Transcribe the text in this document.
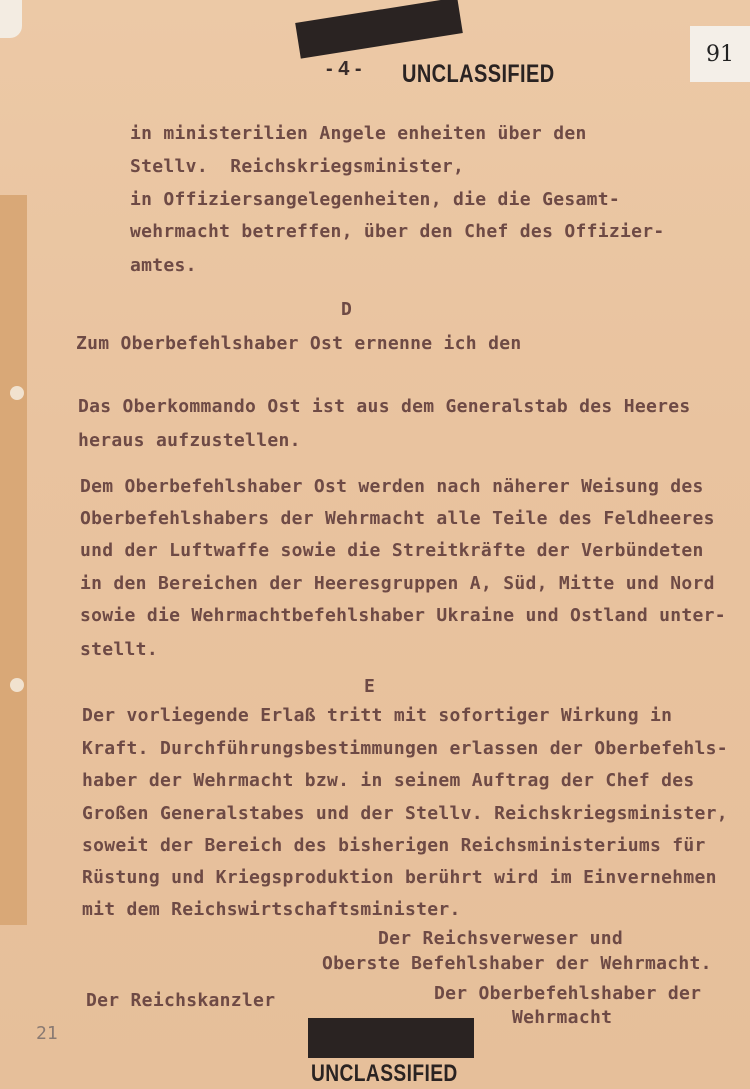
- 4 - UNCLASSIFIED
91
in ministerilien Angele enheiten über den
Stellv.  Reichskriegsminister,
in Offiziersangelegenheiten, die die Gesamt-
wehrmacht betreffen, über den Chef des Offizier-
amtes.
D
Zum Oberbefehlshaber Ost ernenne ich den
Das Oberkommando Ost ist aus dem Generalstab des Heeres
heraus aufzustellen.
Dem Oberbefehlshaber Ost werden nach näherer Weisung des
Oberbefehlshabers der Wehrmacht alle Teile des Feldheeres
und der Luftwaffe sowie die Streitkräfte der Verbündeten
in den Bereichen der Heeresgruppen A, Süd, Mitte und Nord
sowie die Wehrmachtbefehlshaber Ukraine und Ostland unter-
stellt.
E
Der vorliegende Erlaß tritt mit sofortiger Wirkung in
Kraft. Durchführungsbestimmungen erlassen der Oberbefehls-
haber der Wehrmacht bzw. in seinem Auftrag der Chef des
Großen Generalstabes und der Stellv. Reichskriegsminister,
soweit der Bereich des bisherigen Reichsministeriums für
Rüstung und Kriegsproduktion berührt wird im Einvernehmen
mit dem Reichswirtschaftsminister.
Der Reichsverweser und
Oberste Befehlshaber der Wehrmacht.
Der Reichskanzler	Der Oberbefehlshaber der
Wehrmacht
21
UNCLASSIFIED
